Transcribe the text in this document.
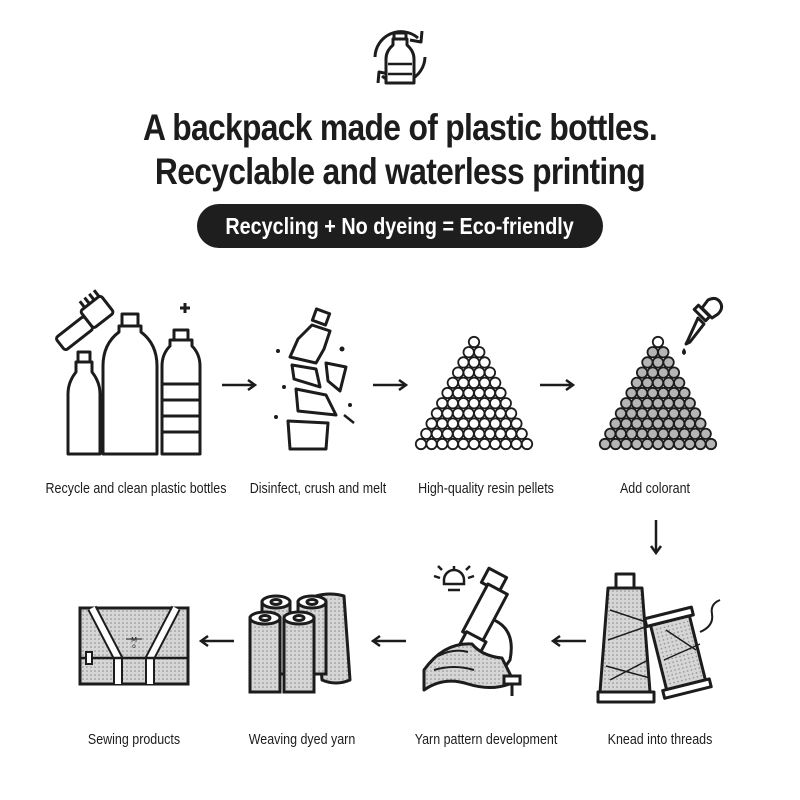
A backpack made of plastic bottles.
Recyclable and waterless printing
Recycling + No dyeing = Eco-friendly
M
o
Recycle and clean plastic bottles Disinfect, crush and melt High-quality resin pellets	Add colorant
Knead into threads
Yarn pattern development
Weaving dyed yarn
Sewing products
